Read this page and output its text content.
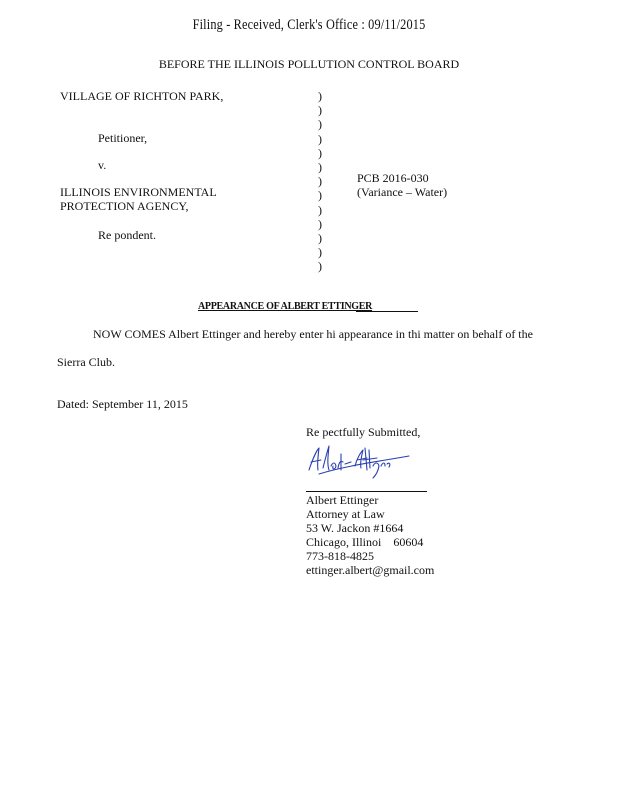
Filing - Received, Clerk's Office : 09/11/2015
BEFORE THE ILLINOIS POLLUTION CONTROL BOARD
VILLAGE OF RICHTON PARK,
Petitioner,
v.
ILLINOIS ENVIRONMENTAL
PROTECTION AGENCY,
Re pondent.
)
)
)
)
)
)
)
)
)
)
)
)
)
PCB 2016-030
(Variance – Water)
APPEARANCE OF ALBERT ETTINGER
NOW COMES Albert Ettinger and hereby enter hi appearance in thi matter on behalf of the
Sierra Club.
Dated: September 11, 2015
Re pectfully Submitted,
Albert Ettinger
Attorney at Law
53 W. Jackon #1664
Chicago, Illinoi    60604
773-818-4825
ettinger.albert@gmail.com
